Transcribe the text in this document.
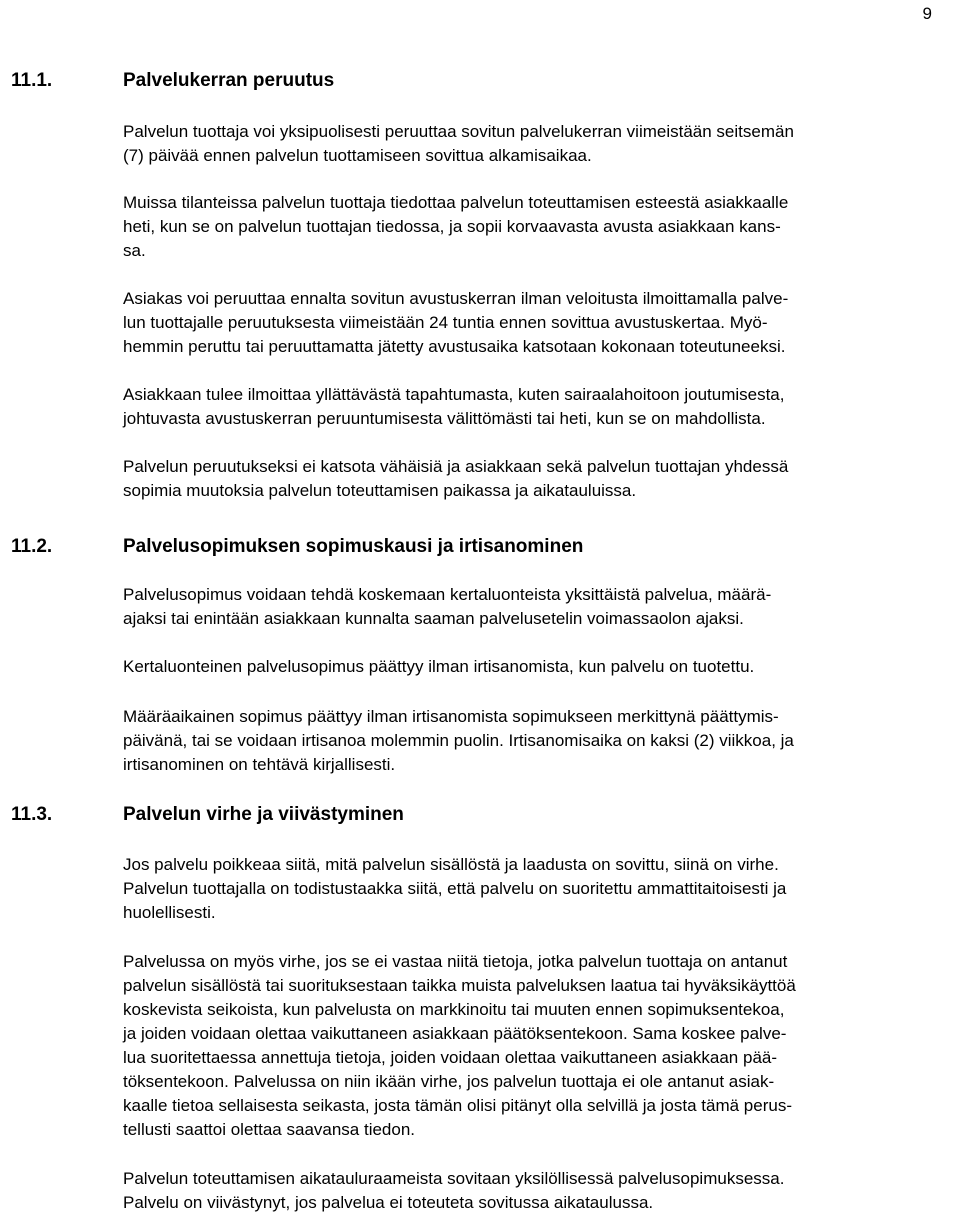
9
11.1.	Palvelukerran peruutus

Palvelun tuottaja voi yksipuolisesti peruuttaa sovitun palvelukerran viimeistään seitsemän
(7) päivää ennen palvelun tuottamiseen sovittua alkamisaikaa.

Muissa tilanteissa palvelun tuottaja tiedottaa palvelun toteuttamisen esteestä asiakkaalle
heti, kun se on palvelun tuottajan tiedossa, ja sopii korvaavasta avusta asiakkaan kans-
sa.

Asiakas voi peruuttaa ennalta sovitun avustuskerran ilman veloitusta ilmoittamalla palve-
lun tuottajalle peruutuksesta viimeistään 24 tuntia ennen sovittua avustuskertaa. Myö-
hemmin peruttu tai peruuttamatta jätetty avustusaika katsotaan kokonaan toteutuneeksi.

Asiakkaan tulee ilmoittaa yllättävästä tapahtumasta, kuten sairaalahoitoon joutumisesta,
johtuvasta avustuskerran peruuntumisesta välittömästi tai heti, kun se on mahdollista.

Palvelun peruutukseksi ei katsota vähäisiä ja asiakkaan sekä palvelun tuottajan yhdessä
sopimia muutoksia palvelun toteuttamisen paikassa ja aikatauluissa.

11.2.	Palvelusopimuksen sopimuskausi ja irtisanominen

Palvelusopimus voidaan tehdä koskemaan kertaluonteista yksittäistä palvelua, määrä-
ajaksi tai enintään asiakkaan kunnalta saaman palvelusetelin voimassaolon ajaksi.

Kertaluonteinen palvelusopimus päättyy ilman irtisanomista, kun palvelu on tuotettu.

Määräaikainen sopimus päättyy ilman irtisanomista sopimukseen merkittynä päättymis-
päivänä, tai se voidaan irtisanoa molemmin puolin. Irtisanomisaika on kaksi (2) viikkoa, ja
irtisanominen on tehtävä kirjallisesti.

11.3.	Palvelun virhe ja viivästyminen

Jos palvelu poikkeaa siitä, mitä palvelun sisällöstä ja laadusta on sovittu, siinä on virhe.
Palvelun tuottajalla on todistustaakka siitä, että palvelu on suoritettu ammattitaitoisesti ja
huolellisesti.

Palvelussa on myös virhe, jos se ei vastaa niitä tietoja, jotka palvelun tuottaja on antanut
palvelun sisällöstä tai suorituksestaan taikka muista palveluksen laatua tai hyväksikäyttöä
koskevista seikoista, kun palvelusta on markkinoitu tai muuten ennen sopimuksentekoa,
ja joiden voidaan olettaa vaikuttaneen asiakkaan päätöksentekoon. Sama koskee palve-
lua suoritettaessa annettuja tietoja, joiden voidaan olettaa vaikuttaneen asiakkaan pää-
töksentekoon. Palvelussa on niin ikään virhe, jos palvelun tuottaja ei ole antanut asiak-
kaalle tietoa sellaisesta seikasta, josta tämän olisi pitänyt olla selvillä ja josta tämä perus-
tellusti saattoi olettaa saavansa tiedon.

Palvelun toteuttamisen aikatauluraameista sovitaan yksilöllisessä palvelusopimuksessa.
Palvelu on viivästynyt, jos palvelua ei toteuteta sovitussa aikataulussa.
